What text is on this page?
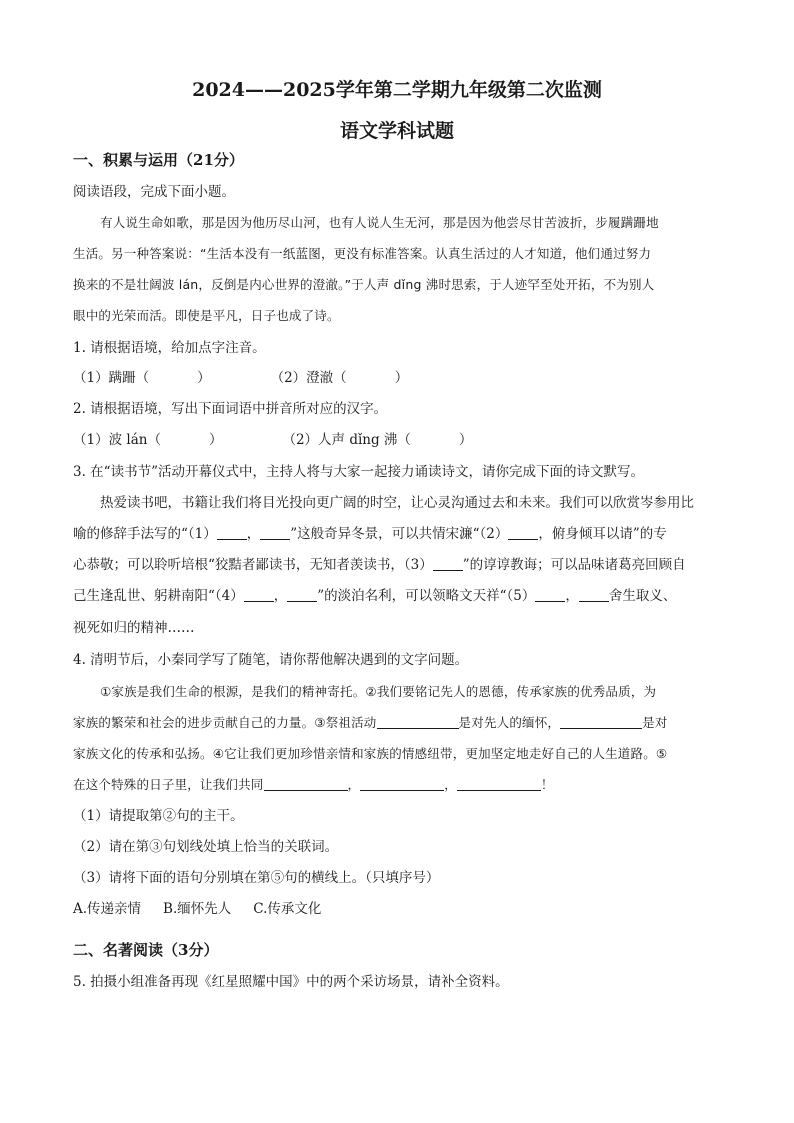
2024——2025学年第二学期九年级第二次监测
语文学科试题
一、积累与运用（21分）
阅读语段，完成下面小题。
有人说生命如歌，那是因为他历尽山河，也有人说人生无河，那是因为他尝尽甘苦波折，步履蹒跚地
生活。另一种答案说：“生活本没有一纸蓝图，更没有标准答案。认真生活过的人才知道，他们通过努力
换来的不是壮阔波 lán，反倒是内心世界的澄澈。”于人声 dǐng 沸时思索，于人迹罕至处开拓，不为别人
眼中的光荣而活。即使是平凡，日子也成了诗。
1. 请根据语境，给加点字注音。
（1）蹒跚（	）	（2）澄澈（	）
2. 请根据语境，写出下面词语中拼音所对应的汉字。
（1）波 lán（	）	（2）人声 dǐng 沸（	）
3. 在“读书节”活动开幕仪式中，主持人将与大家一起接力诵读诗文，请你完成下面的诗文默写。
热爱读书吧，书籍让我们将目光投向更广阔的时空，让心灵沟通过去和未来。我们可以欣赏岑参用比
喻的修辞手法写的“（1） ， ”这般奇异冬景，可以共情宋濂“（2） ，俯身倾耳以请”的专
心恭敬；可以聆听培根“狡黠者鄙读书，无知者羡读书，（3） ”的谆谆教诲；可以品味诸葛亮回顾自
己生逢乱世、躬耕南阳“（4） ， ”的淡泊名利，可以领略文天祥“（5） ， 舍生取义、
视死如归的精神……
4. 清明节后，小秦同学写了随笔，请你帮他解决遇到的文字问题。
①家族是我们生命的根源，是我们的精神寄托。②我们要铭记先人的恩德，传承家族的优秀品质，为
家族的繁荣和社会的进步贡献自己的力量。③祭祖活动	是对先人的缅怀，	是对
家族文化的传承和弘扬。④它让我们更加珍惜亲情和家族的情感纽带，更加坚定地走好自己的人生道路。⑤
在这个特殊的日子里，让我们共同	，	，	！
（1）请提取第②句的主干。
（2）请在第③句划线处填上恰当的关联词。
（3）请将下面的语句分别填在第⑤句的横线上。（只填序号）
A.传递亲情 B.缅怀先人 C.传承文化
二、名著阅读（3分）
5. 拍摄小组准备再现《红星照耀中国》中的两个采访场景，请补全资料。
